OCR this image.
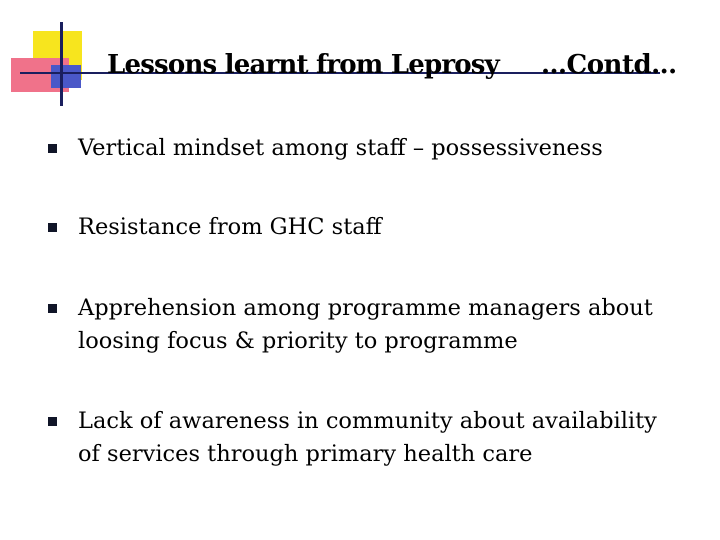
Lessons learnt from Leprosy …Contd…
Vertical mindset among staff – possessiveness
Resistance from GHC staff
Apprehension among programme managers about loosing focus & priority to programme
Lack of awareness in community about availability of services through primary health care
